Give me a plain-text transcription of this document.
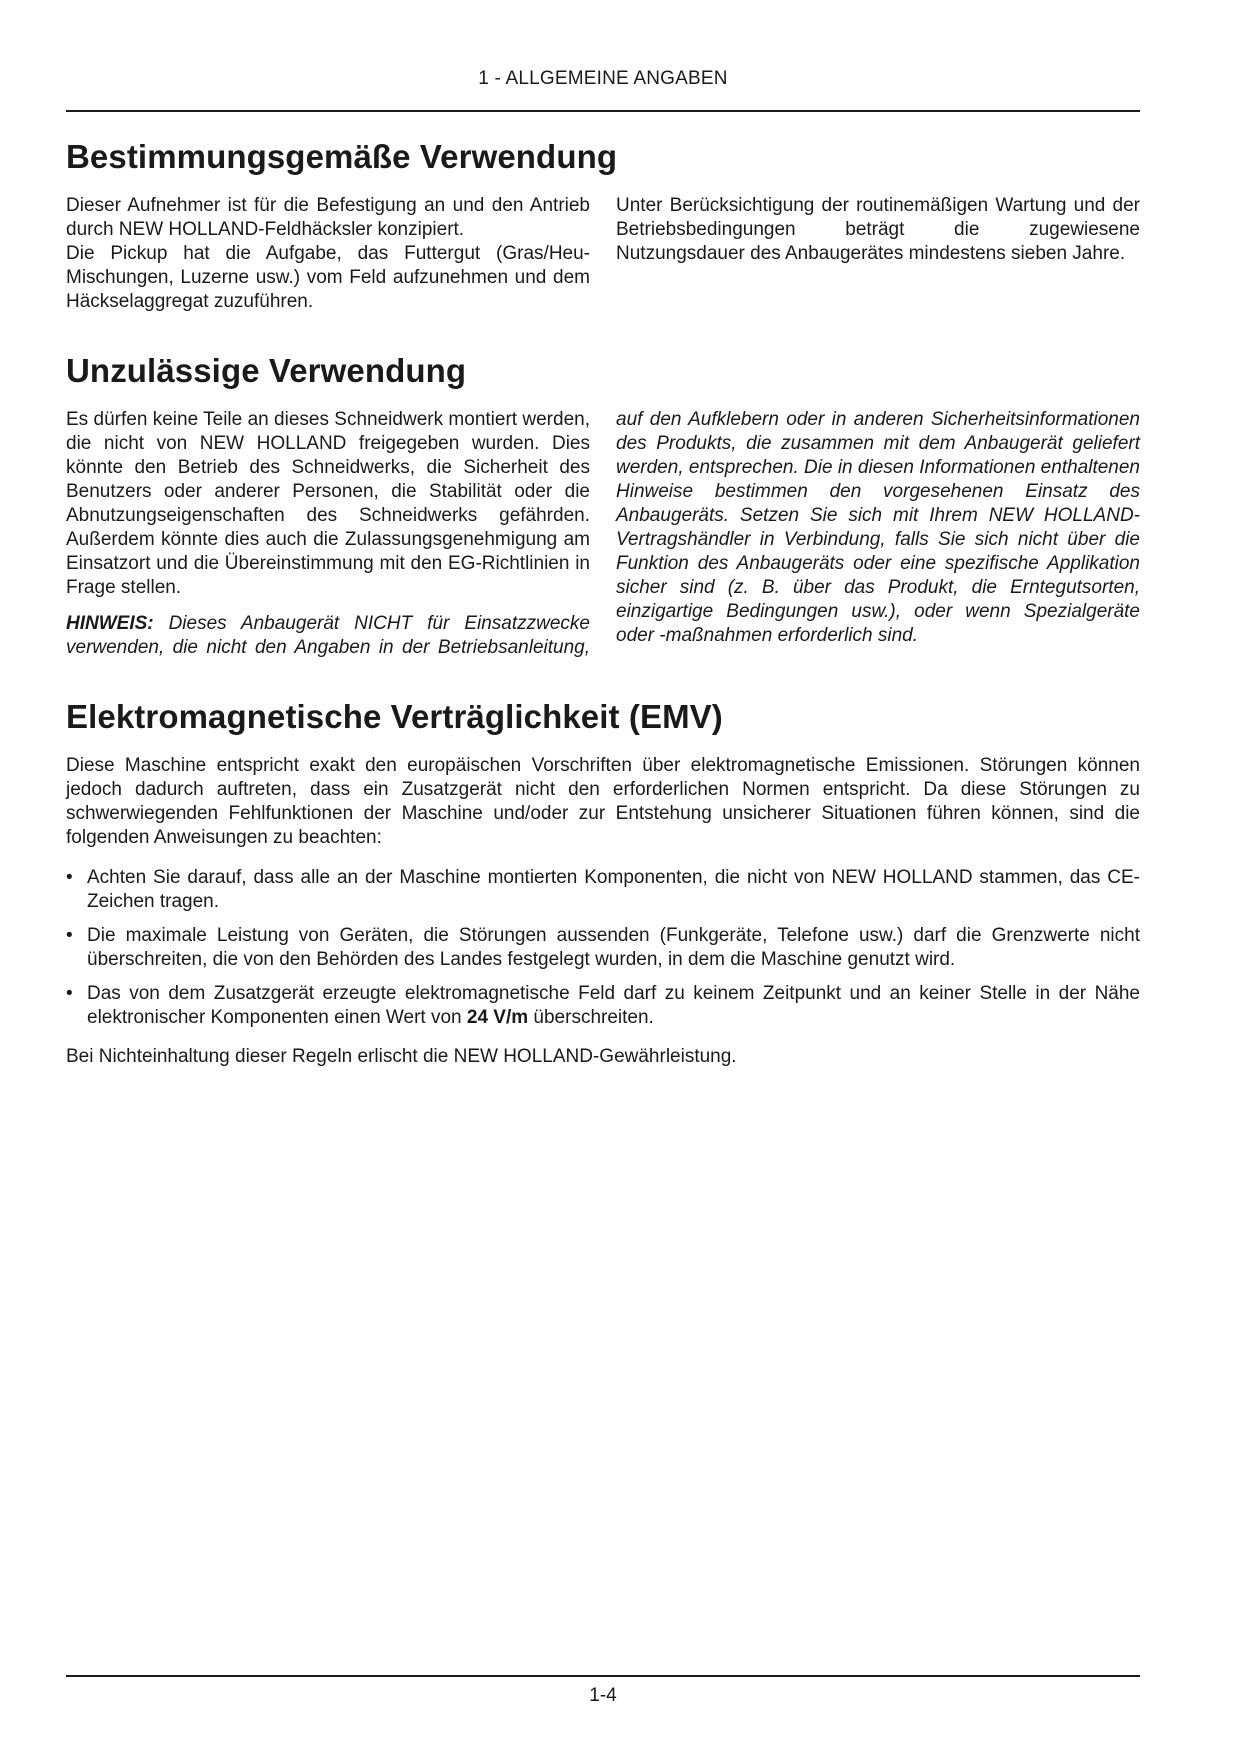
1 - ALLGEMEINE ANGABEN
Bestimmungsgemäße Verwendung

Dieser Aufnehmer ist für die Befestigung an und den Antrieb durch NEW HOLLAND-Feldhäcksler konzipiert.

Die Pickup hat die Aufgabe, das Futtergut (Gras/Heu-Mischungen, Luzerne usw.) vom Feld aufzunehmen und dem Häckselaggregat zuzuführen.

Unter Berücksichtigung der routinemäßigen Wartung und der Betriebsbedingungen beträgt die zugewiesene Nutzungsdauer des Anbaugerätes mindestens sieben Jahre.

Unzulässige Verwendung

Es dürfen keine Teile an dieses Schneidwerk montiert werden, die nicht von NEW HOLLAND freigegeben wurden. Dies könnte den Betrieb des Schneidwerks, die Sicherheit des Benutzers oder anderer Personen, die Stabilität oder die Abnutzungseigenschaften des Schneidwerks gefährden. Außerdem könnte dies auch die Zulassungsgenehmigung am Einsatzort und die Übereinstimmung mit den EG-Richtlinien in Frage stellen.

HINWEIS: Dieses Anbaugerät NICHT für Einsatzzwecke verwenden, die nicht den Angaben in der Betriebsanleitung, auf den Aufklebern oder in anderen Sicherheitsinformationen des Produkts, die zusammen mit dem Anbaugerät geliefert werden, entsprechen. Die in diesen Informationen enthaltenen Hinweise bestimmen den vorgesehenen Einsatz des Anbaugeräts. Setzen Sie sich mit Ihrem NEW HOLLAND-Vertragshändler in Verbindung, falls Sie sich nicht über die Funktion des Anbaugeräts oder eine spezifische Applikation sicher sind (z. B. über das Produkt, die Erntegutsorten, einzigartige Bedingungen usw.), oder wenn Spezialgeräte oder -maßnahmen erforderlich sind.

Elektromagnetische Verträglichkeit (EMV)

Diese Maschine entspricht exakt den europäischen Vorschriften über elektromagnetische Emissionen. Störungen können jedoch dadurch auftreten, dass ein Zusatzgerät nicht den erforderlichen Normen entspricht. Da diese Störungen zu schwerwiegenden Fehlfunktionen der Maschine und/oder zur Entstehung unsicherer Situationen führen können, sind die folgenden Anweisungen zu beachten:

• Achten Sie darauf, dass alle an der Maschine montierten Komponenten, die nicht von NEW HOLLAND stammen, das CE-Zeichen tragen.
• Die maximale Leistung von Geräten, die Störungen aussenden (Funkgeräte, Telefone usw.) darf die Grenzwerte nicht überschreiten, die von den Behörden des Landes festgelegt wurden, in dem die Maschine genutzt wird.
• Das von dem Zusatzgerät erzeugte elektromagnetische Feld darf zu keinem Zeitpunkt und an keiner Stelle in der Nähe elektronischer Komponenten einen Wert von 24 V/m überschreiten.

Bei Nichteinhaltung dieser Regeln erlischt die NEW HOLLAND-Gewährleistung.

1-4
